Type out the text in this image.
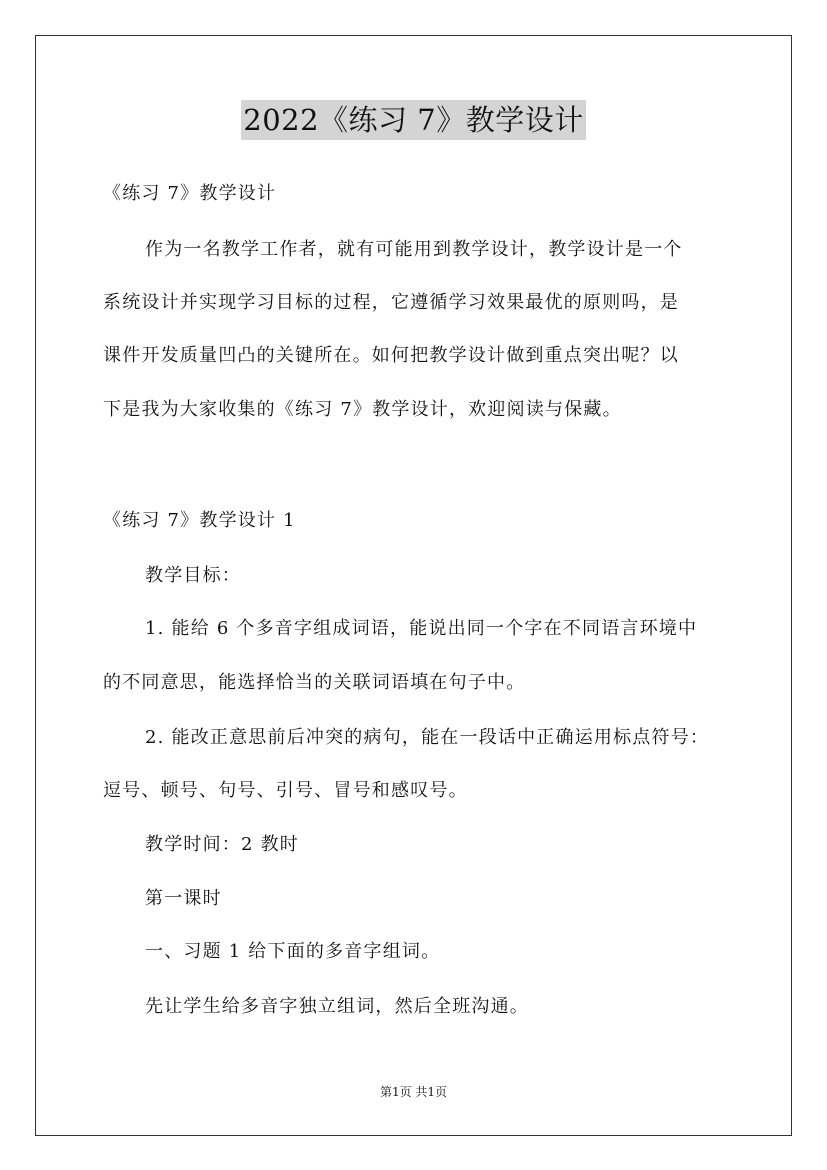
2022《练习 7》教学设计
《练习 7》教学设计
作为一名教学工作者，就有可能用到教学设计，教学设计是一个
系统设计并实现学习目标的过程，它遵循学习效果最优的原则吗，是
课件开发质量凹凸的关键所在。如何把教学设计做到重点突出呢？以
下是我为大家收集的《练习 7》教学设计，欢迎阅读与保藏。
《练习 7》教学设计 1
教学目标：
1. 能给 6 个多音字组成词语，能说出同一个字在不同语言环境中
的不同意思，能选择恰当的关联词语填在句子中。
2. 能改正意思前后冲突的病句，能在一段话中正确运用标点符号：
逗号、顿号、句号、引号、冒号和感叹号。
教学时间：2 教时
第一课时
一、习题 1 给下面的多音字组词。
先让学生给多音字独立组词，然后全班沟通。
第1页 共1页
